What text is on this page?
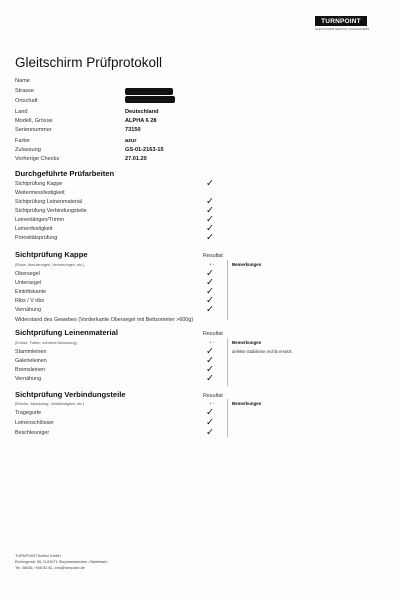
TURNPOINT
GLEITSCHIRM SERVICE | PARAGLIDERS
Gleitschirm Prüfprotokoll
Name
Strasse
Ortschaft
Land	Deutschland
Modell, Grösse	ALPHA 6 28
Seriennummer	73150
Farbe	azur
Zulassung	GS-01-2163-15
Vorherige Checks	27.01.20
Durchgeführte Prüfarbeiten
Sichtprüfung Kappe	✓
Weitermessfestigkeit
Sichtprüfung Leinenmaterial	✓
Sichtprüfung Verbindungsteile	✓
Leinenlängen/Trimm	✓
Leinenfestigkeit	✓
Porositätsprüfung	✓
Sichtprüfung Kappe	Resultat
(Risse, Abnutzungen, Verzerrungen, etc.)	+ -	Bemerkungen
Obersegel	✓
Untersegel	✓
Eintrittskante	✓
Ribs / V ribs	✓
Vernähung	✓
Widerstand des Gewebes (Vorderkante Obersegel mit Bettsometer >600g)
Sichtprüfung Leinenmaterial	Resultat
(Knicke, Falten, schwere Abnutzung)	+ -	Bemerkungen
defekte Stabileine rechts ersetzt
Stammleinen	✓
Galerieleinen	✓
Bremsleinen	✓
Vernähung	✓
Sichtprüfung Verbindungsteile	Resultat
(Brüche, Abnutzung, Vollständigkeit, etc.)	+ -	Bemerkungen
Tragegurte	✓
Leinenschlösser	✓
Beschleuniger	✓
TURNPOINT Bottini GmbH
Eichingerstr. 65, D-83071 Stephanskirchen / Baierbach
Tel. 08036 / 908 82 81, info@turnpoint.de
